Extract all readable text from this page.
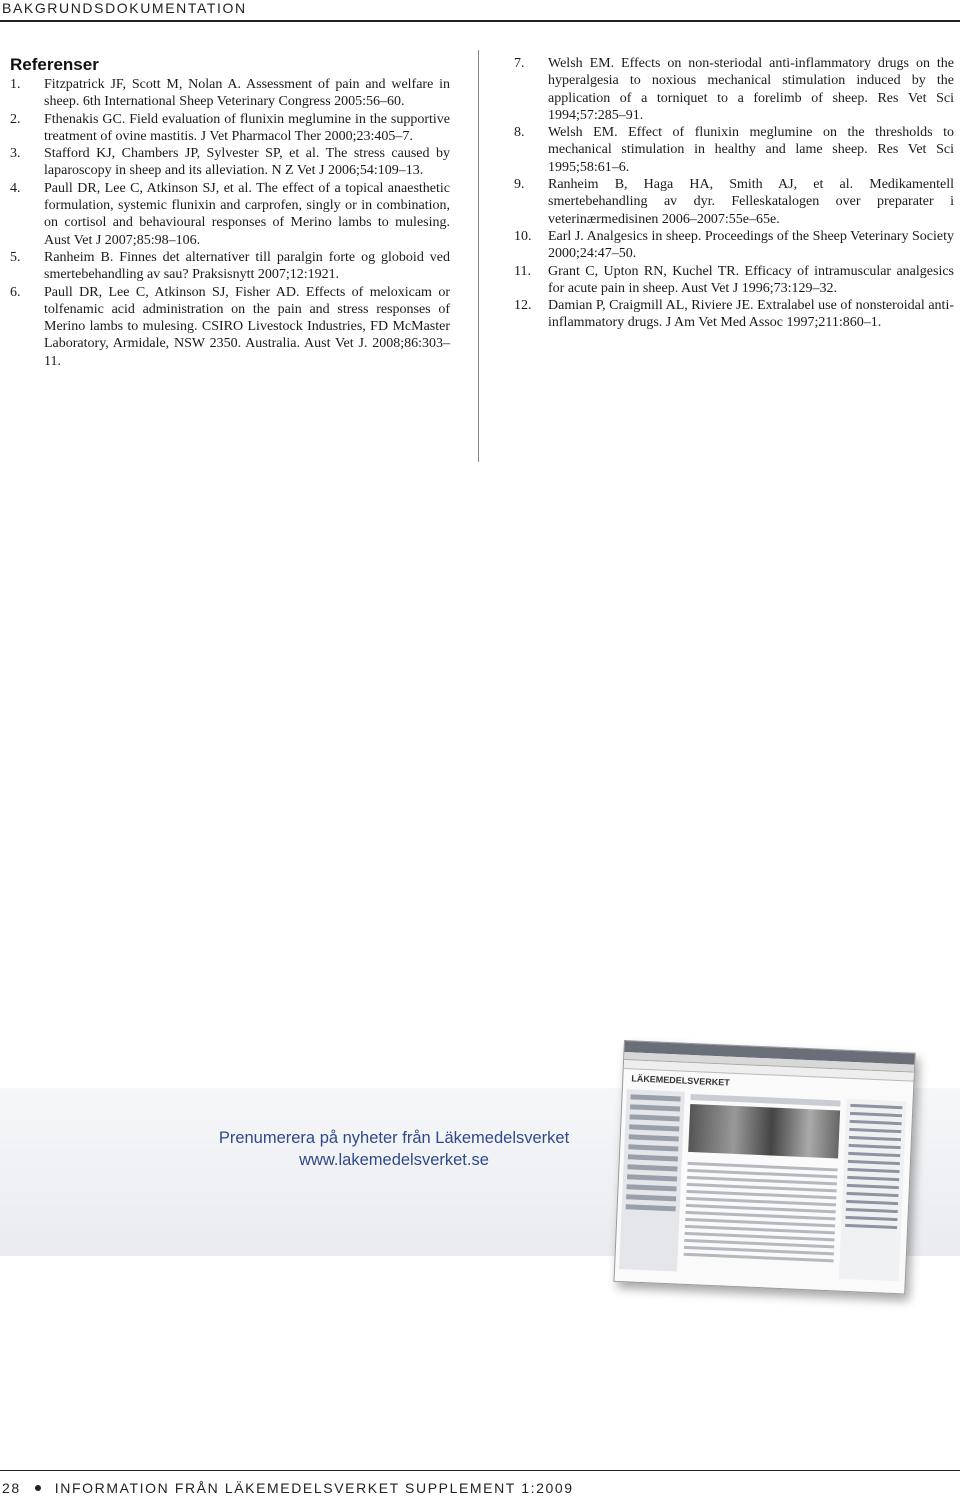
BAKGRUNDSDOKUMENTATION
Referenser
1. Fitzpatrick JF, Scott M, Nolan A. Assessment of pain and welfare in sheep. 6th International Sheep Veterinary Congress 2005:56–60.
2. Fthenakis GC. Field evaluation of flunixin meglumine in the supportive treatment of ovine mastitis. J Vet Pharmacol Ther 2000;23:405–7.
3. Stafford KJ, Chambers JP, Sylvester SP, et al. The stress caused by laparoscopy in sheep and its alleviation. N Z Vet J 2006;54:109–13.
4. Paull DR, Lee C, Atkinson SJ, et al. The effect of a topical anaesthetic formulation, systemic flunixin and carprofen, singly or in combination, on cortisol and behavioural responses of Merino lambs to mulesing. Aust Vet J 2007;85:98–106.
5. Ranheim B. Finnes det alternativer till paralgin forte og globoid ved smertebehandling av sau? Praksisnytt 2007;12:1921.
6. Paull DR, Lee C, Atkinson SJ, Fisher AD. Effects of meloxicam or tolfenamic acid administration on the pain and stress responses of Merino lambs to mulesing. CSIRO Livestock Industries, FD McMaster Laboratory, Armidale, NSW 2350. Australia. Aust Vet J. 2008;86:303–11.
7. Welsh EM. Effects on non-steriodal anti-inflammatory drugs on the hyperalgesia to noxious mechanical stimulation induced by the application of a torniquet to a forelimb of sheep. Res Vet Sci 1994;57:285–91.
8. Welsh EM. Effect of flunixin meglumine on the thresholds to mechanical stimulation in healthy and lame sheep. Res Vet Sci 1995;58:61–6.
9. Ranheim B, Haga HA, Smith AJ, et al. Medikamentell smertebehandling av dyr. Felleskatalogen over preparater i veterinærmedisinen 2006–2007:55e–65e.
10. Earl J. Analgesics in sheep. Proceedings of the Sheep Veterinary Society 2000;24:47–50.
11. Grant C, Upton RN, Kuchel TR. Efficacy of intramuscular analgesics for acute pain in sheep. Aust Vet J 1996;73:129–32.
12. Damian P, Craigmill AL, Riviere JE. Extralabel use of nonsteroidal anti-inflammatory drugs. J Am Vet Med Assoc 1997;211:860–1.
Prenumerera på nyheter från Läkemedelsverket
www.lakemedelsverket.se
LÄKEMEDELSVERKET
28 INFORMATION FRÅN LÄKEMEDELSVERKET SUPPLEMENT 1:2009
